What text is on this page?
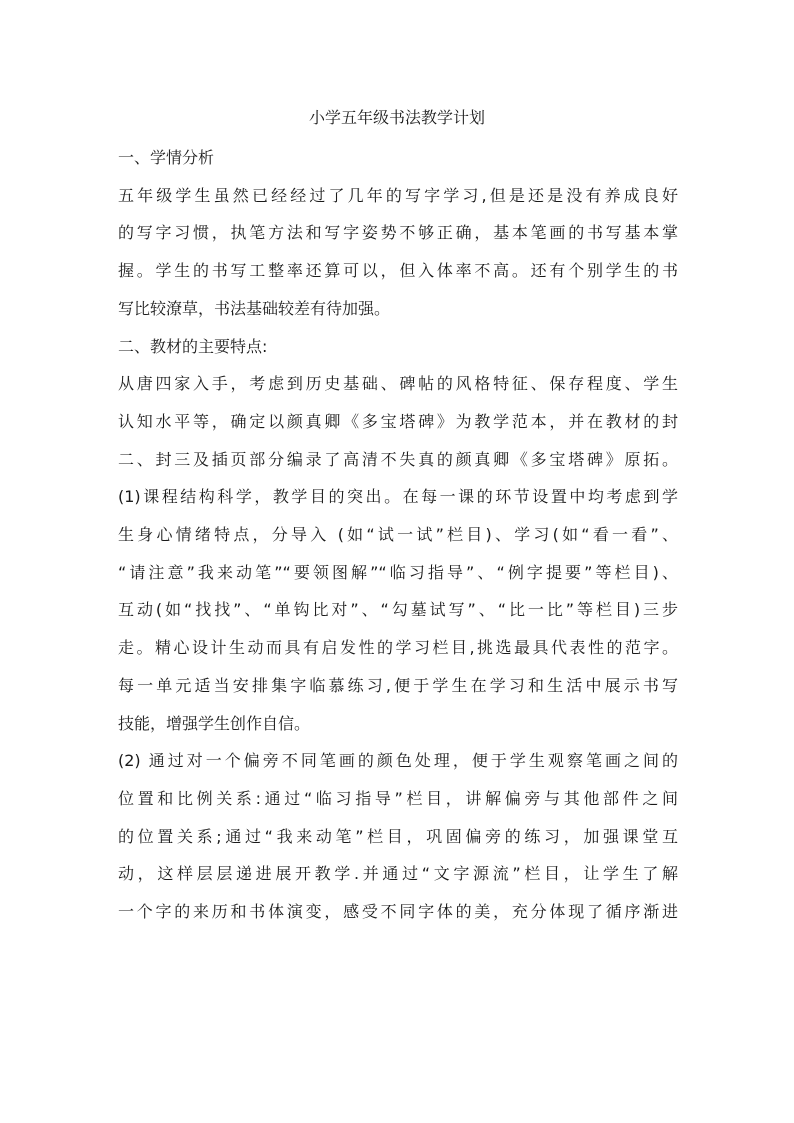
小学五年级书法教学计划

一、学情分析

五年级学生虽然已经经过了几年的写字学习,但是还是没有养成良好

的写字习惯，执笔方法和写字姿势不够正确，基本笔画的书写基本掌

握。学生的书写工整率还算可以，但入体率不高。还有个别学生的书

写比较潦草，书法基础较差有待加强。

二、教材的主要特点:

从唐四家入手，考虑到历史基础、碑帖的风格特征、保存程度、学生

认知水平等，确定以颜真卿《多宝塔碑》为教学范本，并在教材的封

二、封三及插页部分编录了高清不失真的颜真卿《多宝塔碑》原拓。

(1)课程结构科学，教学目的突出。在每一课的环节设置中均考虑到学

生身心情绪特点，分导入 (如“试一试”栏目)、学习(如“看一看”、

“请注意”我来动笔”“要领图解”“临习指导”、“例字提要”等栏目)、

互动(如“找找”、“单钩比对”、“勾墓试写”、“比一比”等栏目)三步

走。精心设计生动而具有启发性的学习栏目,挑选最具代表性的范字。

每一单元适当安排集字临慕练习,便于学生在学习和生活中展示书写

技能，增强学生创作自信。

(2) 通过对一个偏旁不同笔画的颜色处理，便于学生观察笔画之间的

位置和比例关系:通过“临习指导”栏目，讲解偏旁与其他部件之间

的位置关系;通过“我来动笔”栏目，巩固偏旁的练习，加强课堂互

动，这样层层递进展开教学.并通过“文字源流”栏目，让学生了解

一个字的来历和书体演变，感受不同字体的美，充分体现了循序渐进
